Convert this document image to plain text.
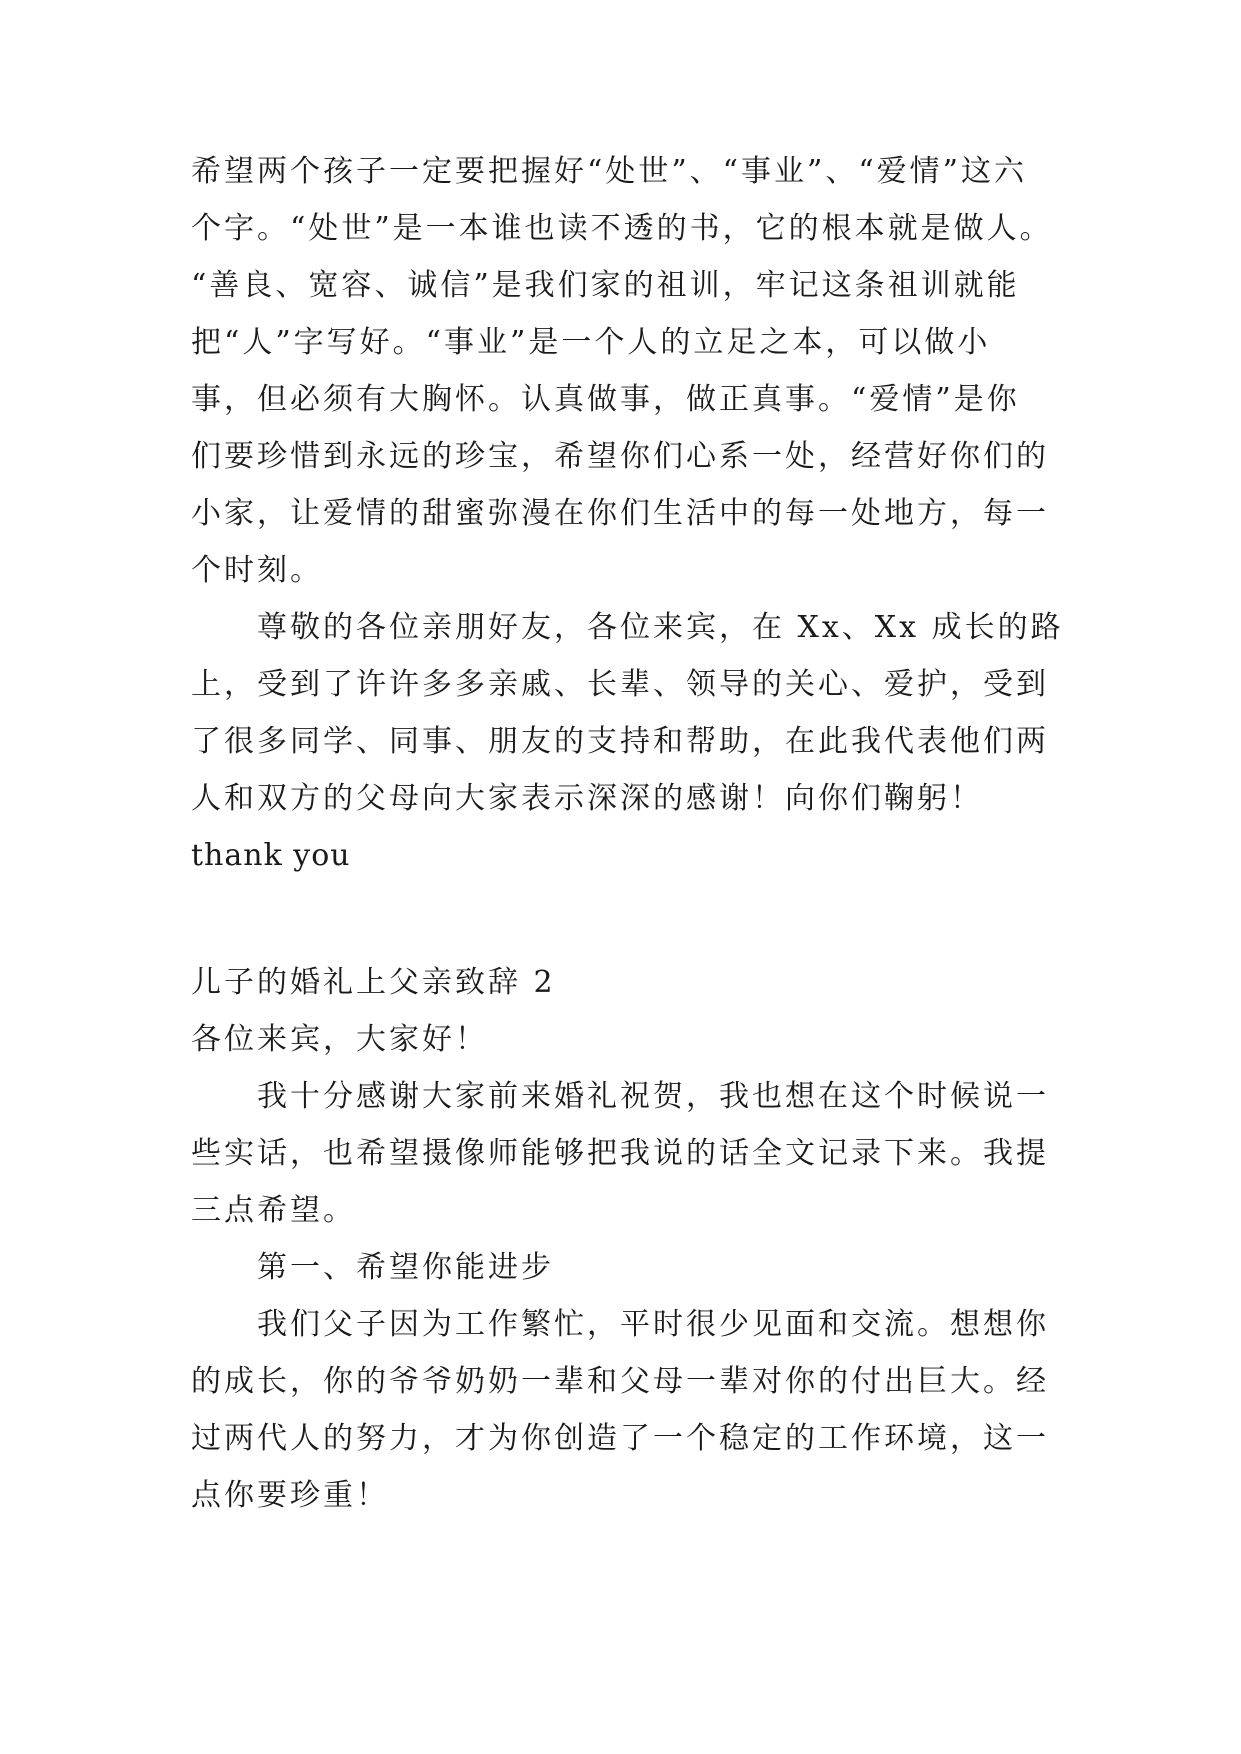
希望两个孩子一定要把握好“处世”、“事业”、“爱情”这六
个字。“处世”是一本谁也读不透的书，它的根本就是做人。
“善良、宽容、诚信”是我们家的祖训，牢记这条祖训就能
把“人”字写好。“事业”是一个人的立足之本，可以做小
事，但必须有大胸怀。认真做事，做正真事。“爱情”是你
们要珍惜到永远的珍宝，希望你们心系一处，经营好你们的
小家，让爱情的甜蜜弥漫在你们生活中的每一处地方，每一
个时刻。
尊敬的各位亲朋好友，各位来宾，在 Xx、Xx 成长的路
上，受到了许许多多亲戚、长辈、领导的关心、爱护，受到
了很多同学、同事、朋友的支持和帮助，在此我代表他们两
人和双方的父母向大家表示深深的感谢！向你们鞠躬！
thank you
儿子的婚礼上父亲致辞 2
各位来宾，大家好！
我十分感谢大家前来婚礼祝贺，我也想在这个时候说一
些实话，也希望摄像师能够把我说的话全文记录下来。我提
三点希望。
第一、希望你能进步
我们父子因为工作繁忙，平时很少见面和交流。想想你
的成长，你的爷爷奶奶一辈和父母一辈对你的付出巨大。经
过两代人的努力，才为你创造了一个稳定的工作环境，这一
点你要珍重！
